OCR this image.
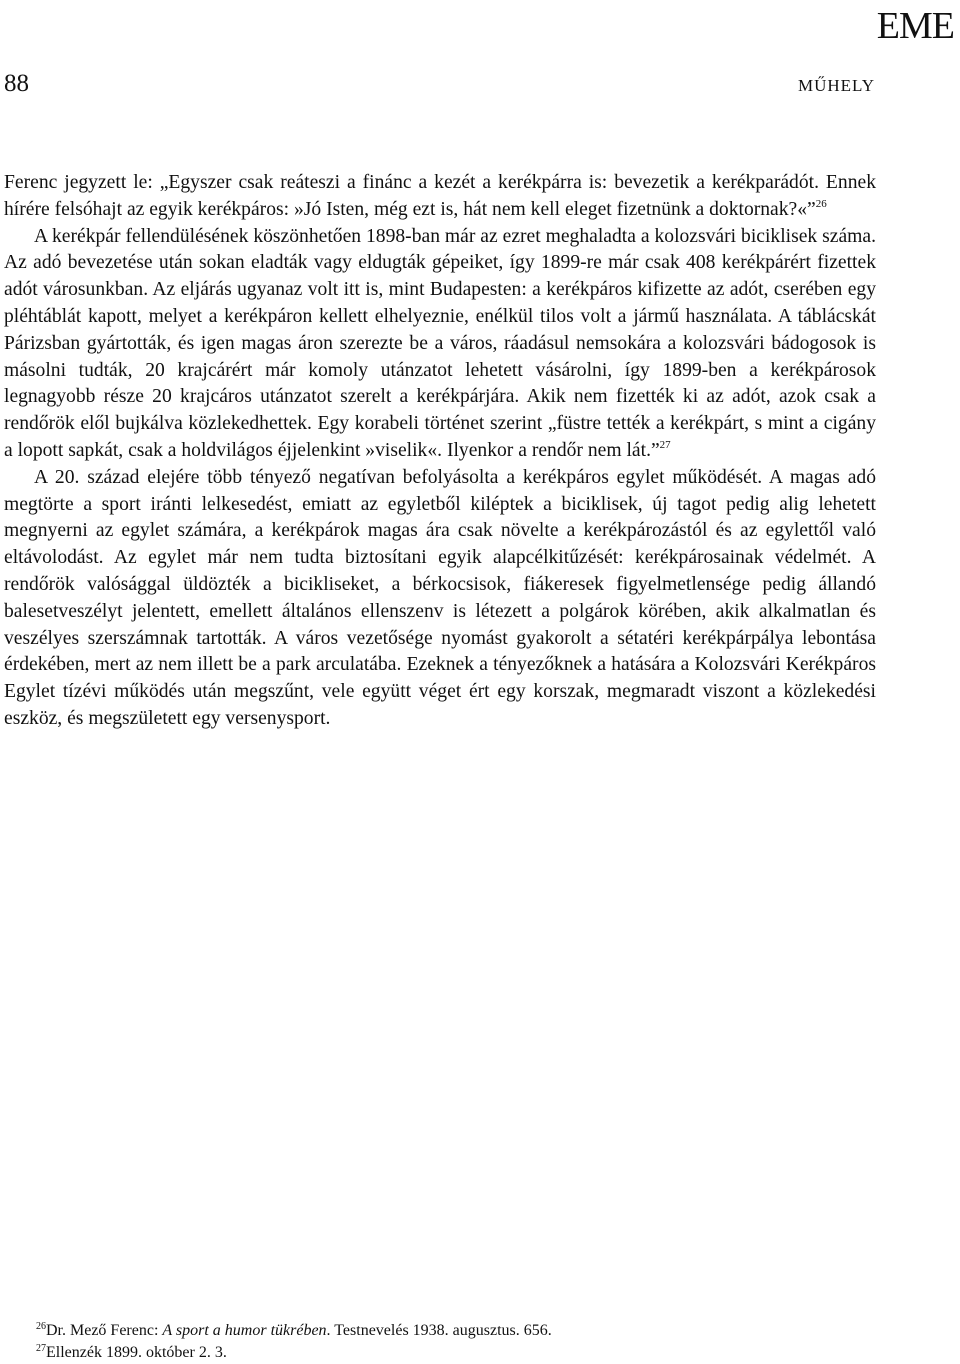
EME
88	MŰHELY

Ferenc jegyzett le: „Egyszer csak reáteszi a finánc a kezét a kerékpárra is: bevezetik a kerékparádót. Ennek hírére felsóhajt az egyik kerékpáros: »Jó Isten, még ezt is, hát nem kell eleget fizetnünk a doktornak?«”$^{26}$

A kerékpár fellendülésének köszönhetően 1898-ban már az ezret meghaladta a kolozsvári biciklisek száma. Az adó bevezetése után sokan eladták vagy eldugták gépeiket, így 1899-re már csak 408 kerékpárért fizettek adót városunkban. Az eljárás ugyanaz volt itt is, mint Budapesten: a kerékpáros kifizette az adót, cserében egy pléhtáblát kapott, melyet a kerékpáron kellett elhelyeznie, enélkül tilos volt a jármű használata. A táblácskát Párizsban gyártották, és igen magas áron szerezte be a város, ráadásul nemsokára a kolozsvári bádogosok is másolni tudták, 20 krajcárért már komoly utánzatot lehetett vásárolni, így 1899-ben a kerékpárosok legnagyobb része 20 krajcáros utánzatot szerelt a kerékpárjára. Akik nem fizették ki az adót, azok csak a rendőrök elől bujkálva közlekedhettek. Egy korabeli történet szerint „füstre tették a kerékpárt, s mint a cigány a lopott sapkát, csak a holdvilágos éjjelenkint »viselik«. Ilyenkor a rendőr nem lát.”$^{27}$

A 20. század elejére több tényező negatívan befolyásolta a kerékpáros egylet működését. A magas adó megtörte a sport iránti lelkesedést, emiatt az egyletből kiléptek a biciklisek, új tagot pedig alig lehetett megnyerni az egylet számára, a kerékpárok magas ára csak növelte a kerékpározástól és az egylettől való eltávolodást. Az egylet már nem tudta biztosítani egyik alapcélkitűzését: kerékpárosainak védelmét. A rendőrök valósággal üldözték a bicikliseket, a bérkocsisok, fiákeresek figyelmetlensége pedig állandó balesetveszélyt jelentett, emellett általános ellenszenv is létezett a polgárok körében, akik alkalmatlan és veszélyes szerszámnak tartották. A város vezetősége nyomást gyakorolt a sétatéri kerékpárpálya lebontása érdekében, mert az nem illett be a park arculatába. Ezeknek a tényezőknek a hatására a Kolozsvári Kerékpáros Egylet tízévi működés után megszűnt, vele együtt véget ért egy korszak, megmaradt viszont a közlekedési eszköz, és megszületett egy versenysport.

$^{26}$Dr. Mező Ferenc: A sport a humor tükrében. Testnevelés 1938. augusztus. 656.
$^{27}$Ellenzék 1899. október 2. 3.
